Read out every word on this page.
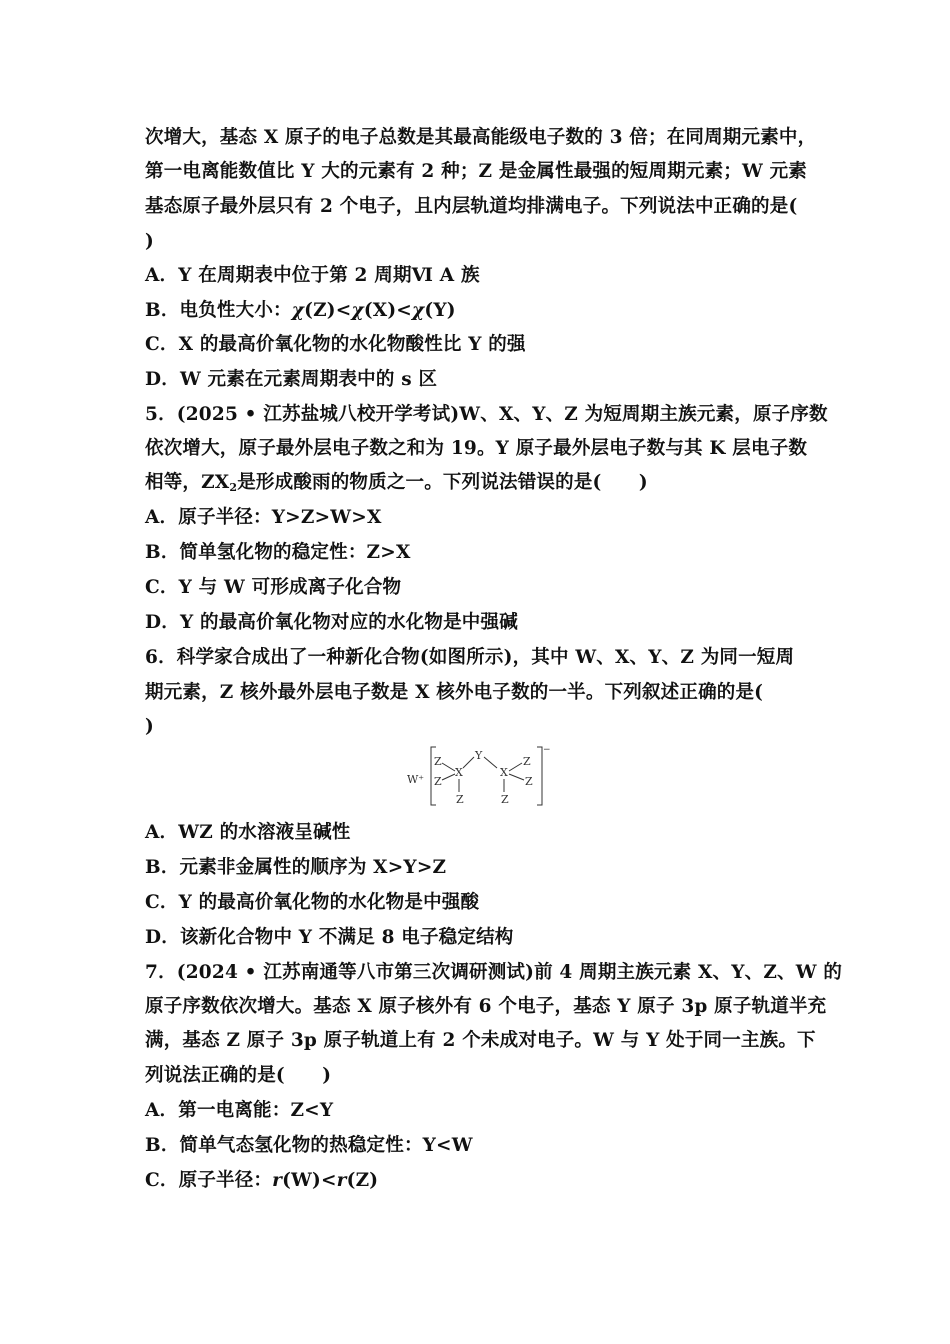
次增大，基态 X 原子的电子总数是其最高能级电子数的 3 倍；在同周期元素中，
第一电离能数值比 Y 大的元素有 2 种；Z 是金属性最强的短周期元素；W 元素
基态原子最外层只有 2 个电子，且内层轨道均排满电子。下列说法中正确的是(
)
A．Y 在周期表中位于第 2 周期Ⅵ A 族
B．电负性大小：χ(Z)<χ(X)<χ(Y)
C．X 的最高价氧化物的水化物酸性比 Y 的强
D．W 元素在元素周期表中的 s 区
5．(2025 • 江苏盐城八校开学考试)W、X、Y、Z 为短周期主族元素，原子序数
依次增大，原子最外层电子数之和为 19。Y 原子最外层电子数与其 K 层电子数
相等，$ZX_2$是形成酸雨的物质之一。下列说法错误的是(　　)
A．原子半径：Y>Z>W>X
B．简单氢化物的稳定性：Z>X
C．Y 与 W 可形成离子化合物
D．Y 的最高价氧化物对应的水化物是中强碱
6．科学家合成出了一种新化合物(如图所示)，其中 W、X、Y、Z 为同一短周
期元素，Z 核外最外层电子数是 X 核外电子数的一半。下列叙述正确的是(
)
W⁺
−
Z
Z
X
Z
Y
X
Z
Z
Z
A．WZ 的水溶液呈碱性
B．元素非金属性的顺序为 X>Y>Z
C．Y 的最高价氧化物的水化物是中强酸
D．该新化合物中 Y 不满足 8 电子稳定结构
7．(2024 • 江苏南通等八市第三次调研测试)前 4 周期主族元素 X、Y、Z、W 的
原子序数依次增大。基态 X 原子核外有 6 个电子，基态 Y 原子 3p 原子轨道半充
满，基态 Z 原子 3p 原子轨道上有 2 个未成对电子。W 与 Y 处于同一主族。下
列说法正确的是(　　)
A．第一电离能：Z<Y
B．简单气态氢化物的热稳定性：Y<W
C．原子半径：r(W)<r(Z)
